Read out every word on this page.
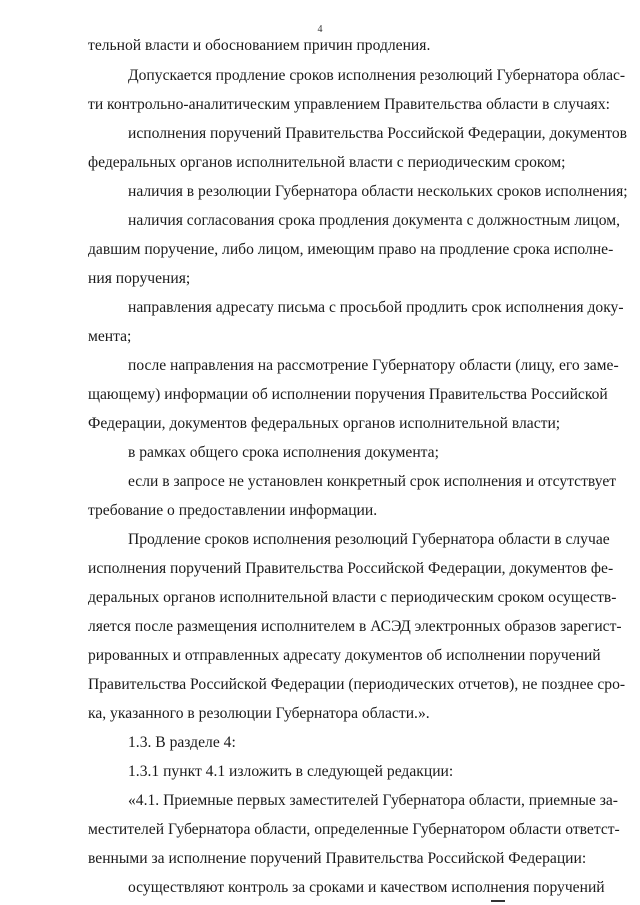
4
тельной власти и обоснованием причин продления.
Допускается продление сроков исполнения резолюций Губернатора облас-
ти контрольно-аналитическим управлением Правительства области в случаях:
исполнения поручений Правительства Российской Федерации, документов
федеральных органов исполнительной власти с периодическим сроком;
наличия в резолюции Губернатора области нескольких сроков исполнения;
наличия согласования срока продления документа с должностным лицом,
давшим поручение, либо лицом, имеющим право на продление срока исполне-
ния поручения;
направления адресату письма с просьбой продлить срок исполнения доку-
мента;
после направления на рассмотрение Губернатору области (лицу, его заме-
щающему) информации об исполнении поручения Правительства Российской
Федерации, документов федеральных органов исполнительной власти;
в рамках общего срока исполнения документа;
если в запросе не установлен конкретный срок исполнения и отсутствует
требование о предоставлении информации.
Продление сроков исполнения резолюций Губернатора области в случае
исполнения поручений Правительства Российской Федерации, документов фе-
деральных органов исполнительной власти с периодическим сроком осуществ-
ляется после размещения исполнителем в АСЭД электронных образов зарегист-
рированных и отправленных адресату документов об исполнении поручений
Правительства Российской Федерации (периодических отчетов), не позднее сро-
ка, указанного в резолюции Губернатора области.».
1.3. В разделе 4:
1.3.1 пункт 4.1 изложить в следующей редакции:
«4.1. Приемные первых заместителей Губернатора области, приемные за-
местителей Губернатора области, определенные Губернатором области ответст-
венными за исполнение поручений Правительства Российской Федерации:
осуществляют контроль за сроками и качеством исполнения поручений
